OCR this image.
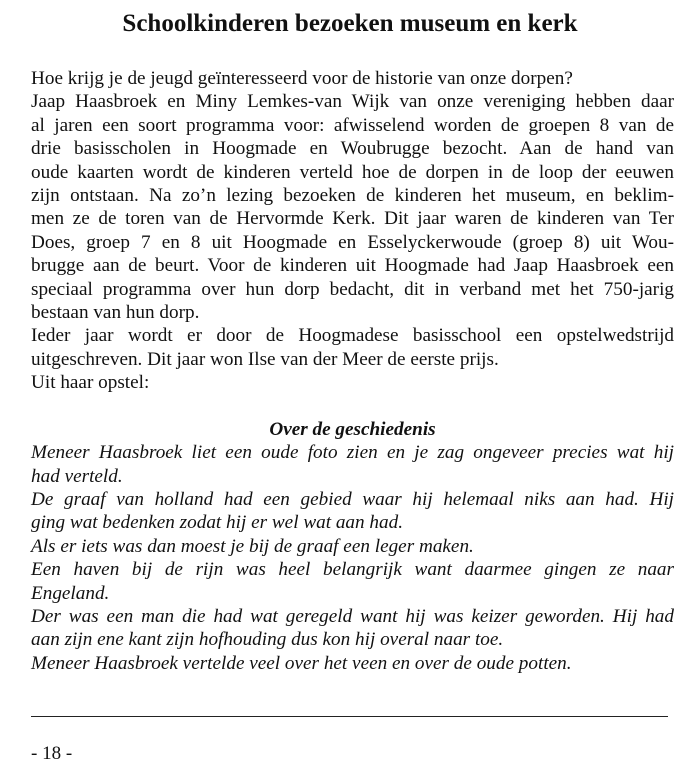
Schoolkinderen bezoeken museum en kerk
Hoe krijg je de jeugd geïnteresseerd voor de historie van onze dorpen?
Jaap Haasbroek en Miny Lemkes-van Wijk van onze vereniging hebben daar
al jaren een soort programma voor: afwisselend worden de groepen 8 van de
drie basisscholen in Hoogmade en Woubrugge bezocht. Aan de hand van
oude kaarten wordt de kinderen verteld hoe de dorpen in de loop der eeuwen
zijn ontstaan. Na zo’n lezing bezoeken de kinderen het museum, en beklim-
men ze de toren van de Hervormde Kerk. Dit jaar waren de kinderen van Ter
Does, groep 7 en 8 uit Hoogmade en Esselyckerwoude (groep 8) uit Wou-
brugge aan de beurt. Voor de kinderen uit Hoogmade had Jaap Haasbroek een
speciaal programma over hun dorp bedacht, dit in verband met het 750-jarig
bestaan van hun dorp.
Ieder jaar wordt er door de Hoogmadese basisschool een opstelwedstrijd
uitgeschreven. Dit jaar won Ilse van der Meer de eerste prijs.
Uit haar opstel:
Over de geschiedenis
Meneer Haasbroek liet een oude foto zien en je zag ongeveer precies wat hij
had verteld.
De graaf van holland had een gebied waar hij helemaal niks aan had. Hij
ging wat bedenken zodat hij er wel wat aan had.
Als er iets was dan moest je bij de graaf een leger maken.
Een haven bij de rijn was heel belangrijk want daarmee gingen ze naar
Engeland.
Der was een man die had wat geregeld want hij was keizer geworden. Hij had
aan zijn ene kant zijn hofhouding dus kon hij overal naar toe.
Meneer Haasbroek vertelde veel over het veen en over de oude potten.
- 18 -
